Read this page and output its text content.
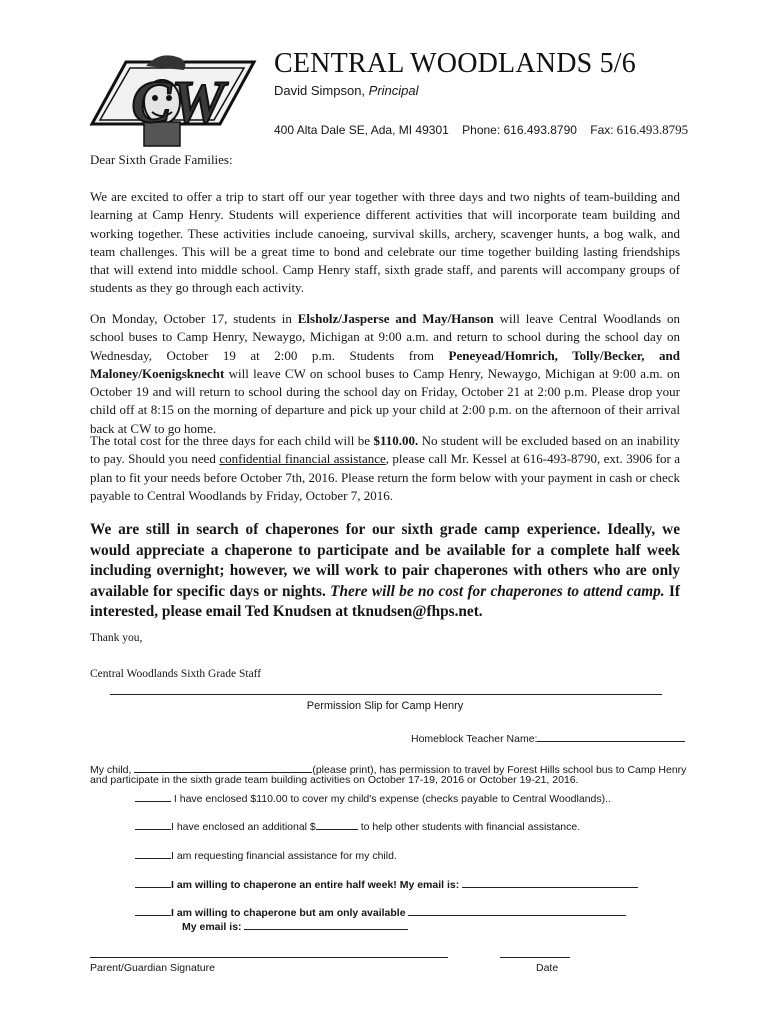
CW
CENTRAL WOODLANDS 5/6
David Simpson, Principal
400 Alta Dale SE, Ada, MI 49301 Phone: 616.493.8790 Fax: 616.493.8795
Dear Sixth Grade Families:
We are excited to offer a trip to start off our year together with three days and two nights of team-building and learning at Camp Henry. Students will experience different activities that will incorporate team building and working together. These activities include canoeing, survival skills, archery, scavenger hunts, a bog walk, and team challenges. This will be a great time to bond and celebrate our time together building lasting friendships that will extend into middle school. Camp Henry staff, sixth grade staff, and parents will accompany groups of students as they go through each activity.
On Monday, October 17, students in Elsholz/Jasperse and May/Hanson will leave Central Woodlands on school buses to Camp Henry, Newaygo, Michigan at 9:00 a.m. and return to school during the school day on Wednesday, October 19 at 2:00 p.m. Students from Peneyead/Homrich, Tolly/Becker, and Maloney/Koenigsknecht will leave CW on school buses to Camp Henry, Newaygo, Michigan at 9:00 a.m. on October 19 and will return to school during the school day on Friday, October 21 at 2:00 p.m. Please drop your child off at 8:15 on the morning of departure and pick up your child at 2:00 p.m. on the afternoon of their arrival back at CW to go home.
The total cost for the three days for each child will be $110.00. No student will be excluded based on an inability to pay. Should you need confidential financial assistance, please call Mr. Kessel at 616-493-8790, ext. 3906 for a plan to fit your needs before October 7th, 2016. Please return the form below with your payment in cash or check payable to Central Woodlands by Friday, October 7, 2016.
We are still in search of chaperones for our sixth grade camp experience. Ideally, we would appreciate a chaperone to participate and be available for a complete half week including overnight; however, we will work to pair chaperones with others who are only available for specific days or nights. There will be no cost for chaperones to attend camp. If interested, please email Ted Knudsen at tknudsen@fhps.net.
Thank you,
Central Woodlands Sixth Grade Staff
Permission Slip for Camp Henry
Homeblock Teacher Name:
My child,	(please print), has permission to travel by Forest Hills school bus to Camp Henry
and participate in the sixth grade team building activities on October 17-19, 2016 or October 19-21, 2016.
I have enclosed $110.00 to cover my child's expense (checks payable to Central Woodlands)..
I have enclosed an additional $	to help other students with financial assistance.
I am requesting financial assistance for my child.
I am willing to chaperone an entire half week! My email is:
I am willing to chaperone but am only available
My email is:
Parent/Guardian Signature	Date
